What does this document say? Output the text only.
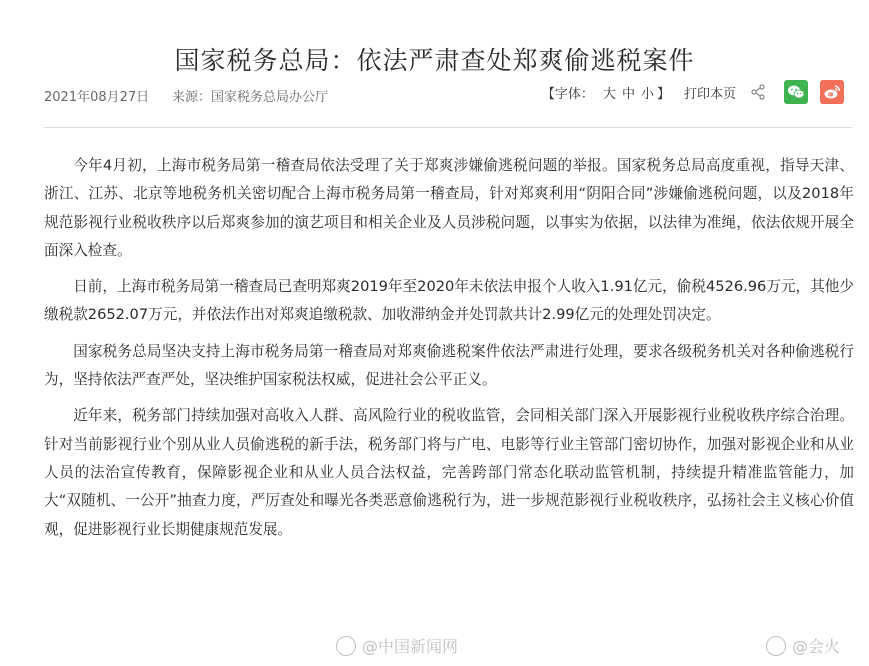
国家税务总局：依法严肃查处郑爽偷逃税案件
2021年08月27日 来源：国家税务总局办公厅	【字体： 大 中 小 】 打印本页

今年4月初，上海市税务局第一稽查局依法受理了关于郑爽涉嫌偷逃税问题的举报。国家税务总局高度重视，指导天津、浙江、江苏、北京等地税务机关密切配合上海市税务局第一稽查局，针对郑爽利用“阴阳合同”涉嫌偷逃税问题，以及2018年规范影视行业税收秩序以后郑爽参加的演艺项目和相关企业及人员涉税问题，以事实为依据，以法律为准绳，依法依规开展全面深入检查。

日前，上海市税务局第一稽查局已查明郑爽2019年至2020年未依法申报个人收入1.91亿元，偷税4526.96万元，其他少缴税款2652.07万元，并依法作出对郑爽追缴税款、加收滞纳金并处罚款共计2.99亿元的处理处罚决定。

国家税务总局坚决支持上海市税务局第一稽查局对郑爽偷逃税案件依法严肃进行处理，要求各级税务机关对各种偷逃税行为，坚持依法严查严处，坚决维护国家税法权威，促进社会公平正义。

近年来，税务部门持续加强对高收入人群、高风险行业的税收监管，会同相关部门深入开展影视行业税收秩序综合治理。针对当前影视行业个别从业人员偷逃税的新手法，税务部门将与广电、电影等行业主管部门密切协作，加强对影视企业和从业人员的法治宣传教育，保障影视企业和从业人员合法权益，完善跨部门常态化联动监管机制，持续提升精准监管能力，加大“双随机、一公开”抽查力度，严厉查处和曝光各类恶意偷逃税行为，进一步规范影视行业税收秩序，弘扬社会主义核心价值观，促进影视行业长期健康规范发展。

@中国新闻网	@会火
